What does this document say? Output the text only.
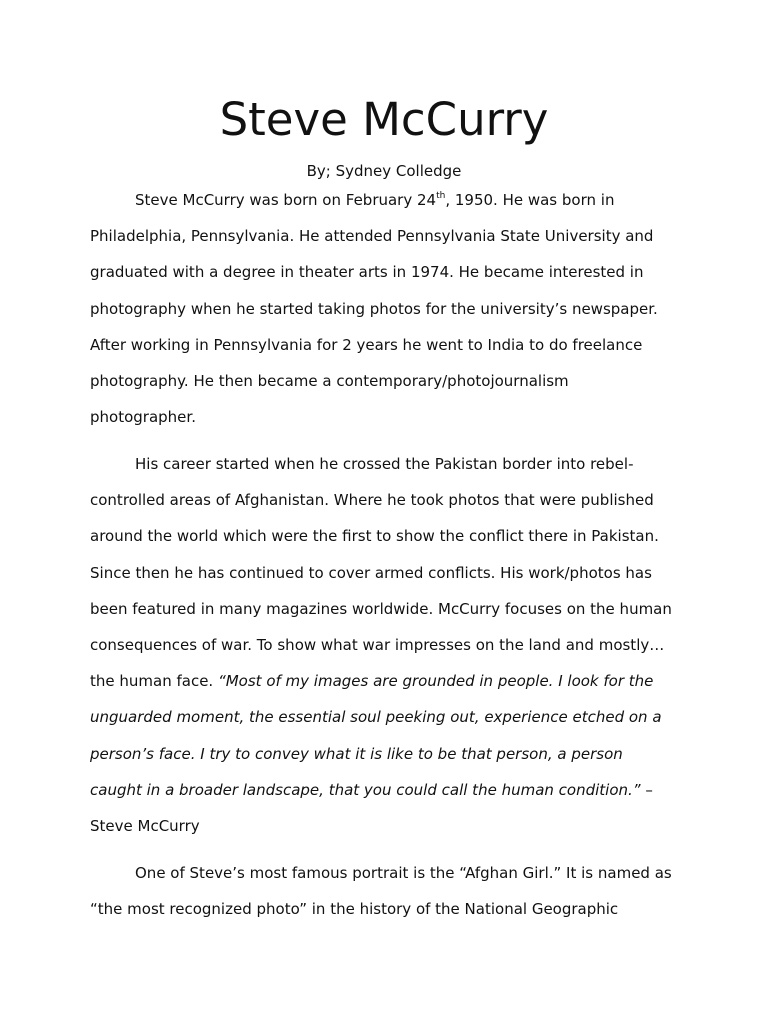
Steve McCurry

By; Sydney Colledge

Steve McCurry was born on February 24th, 1950. He was born in
Philadelphia, Pennsylvania. He attended Pennsylvania State University and
graduated with a degree in theater arts in 1974. He became interested in
photography when he started taking photos for the university’s newspaper.
After working in Pennsylvania for 2 years he went to India to do freelance
photography. He then became a contemporary/photojournalism
photographer.
His career started when he crossed the Pakistan border into rebel-
controlled areas of Afghanistan. Where he took photos that were published
around the world which were the first to show the conflict there in Pakistan.
Since then he has continued to cover armed conflicts. His work/photos has
been featured in many magazines worldwide. McCurry focuses on the human
consequences of war. To show what war impresses on the land and mostly…
the human face. “Most of my images are grounded in people. I look for the
unguarded moment, the essential soul peeking out, experience etched on a
person’s face. I try to convey what it is like to be that person, a person
caught in a broader landscape, that you could call the human condition.” –
Steve McCurry
One of Steve’s most famous portrait is the “Afghan Girl.” It is named as
“the most recognized photo” in the history of the National Geographic
